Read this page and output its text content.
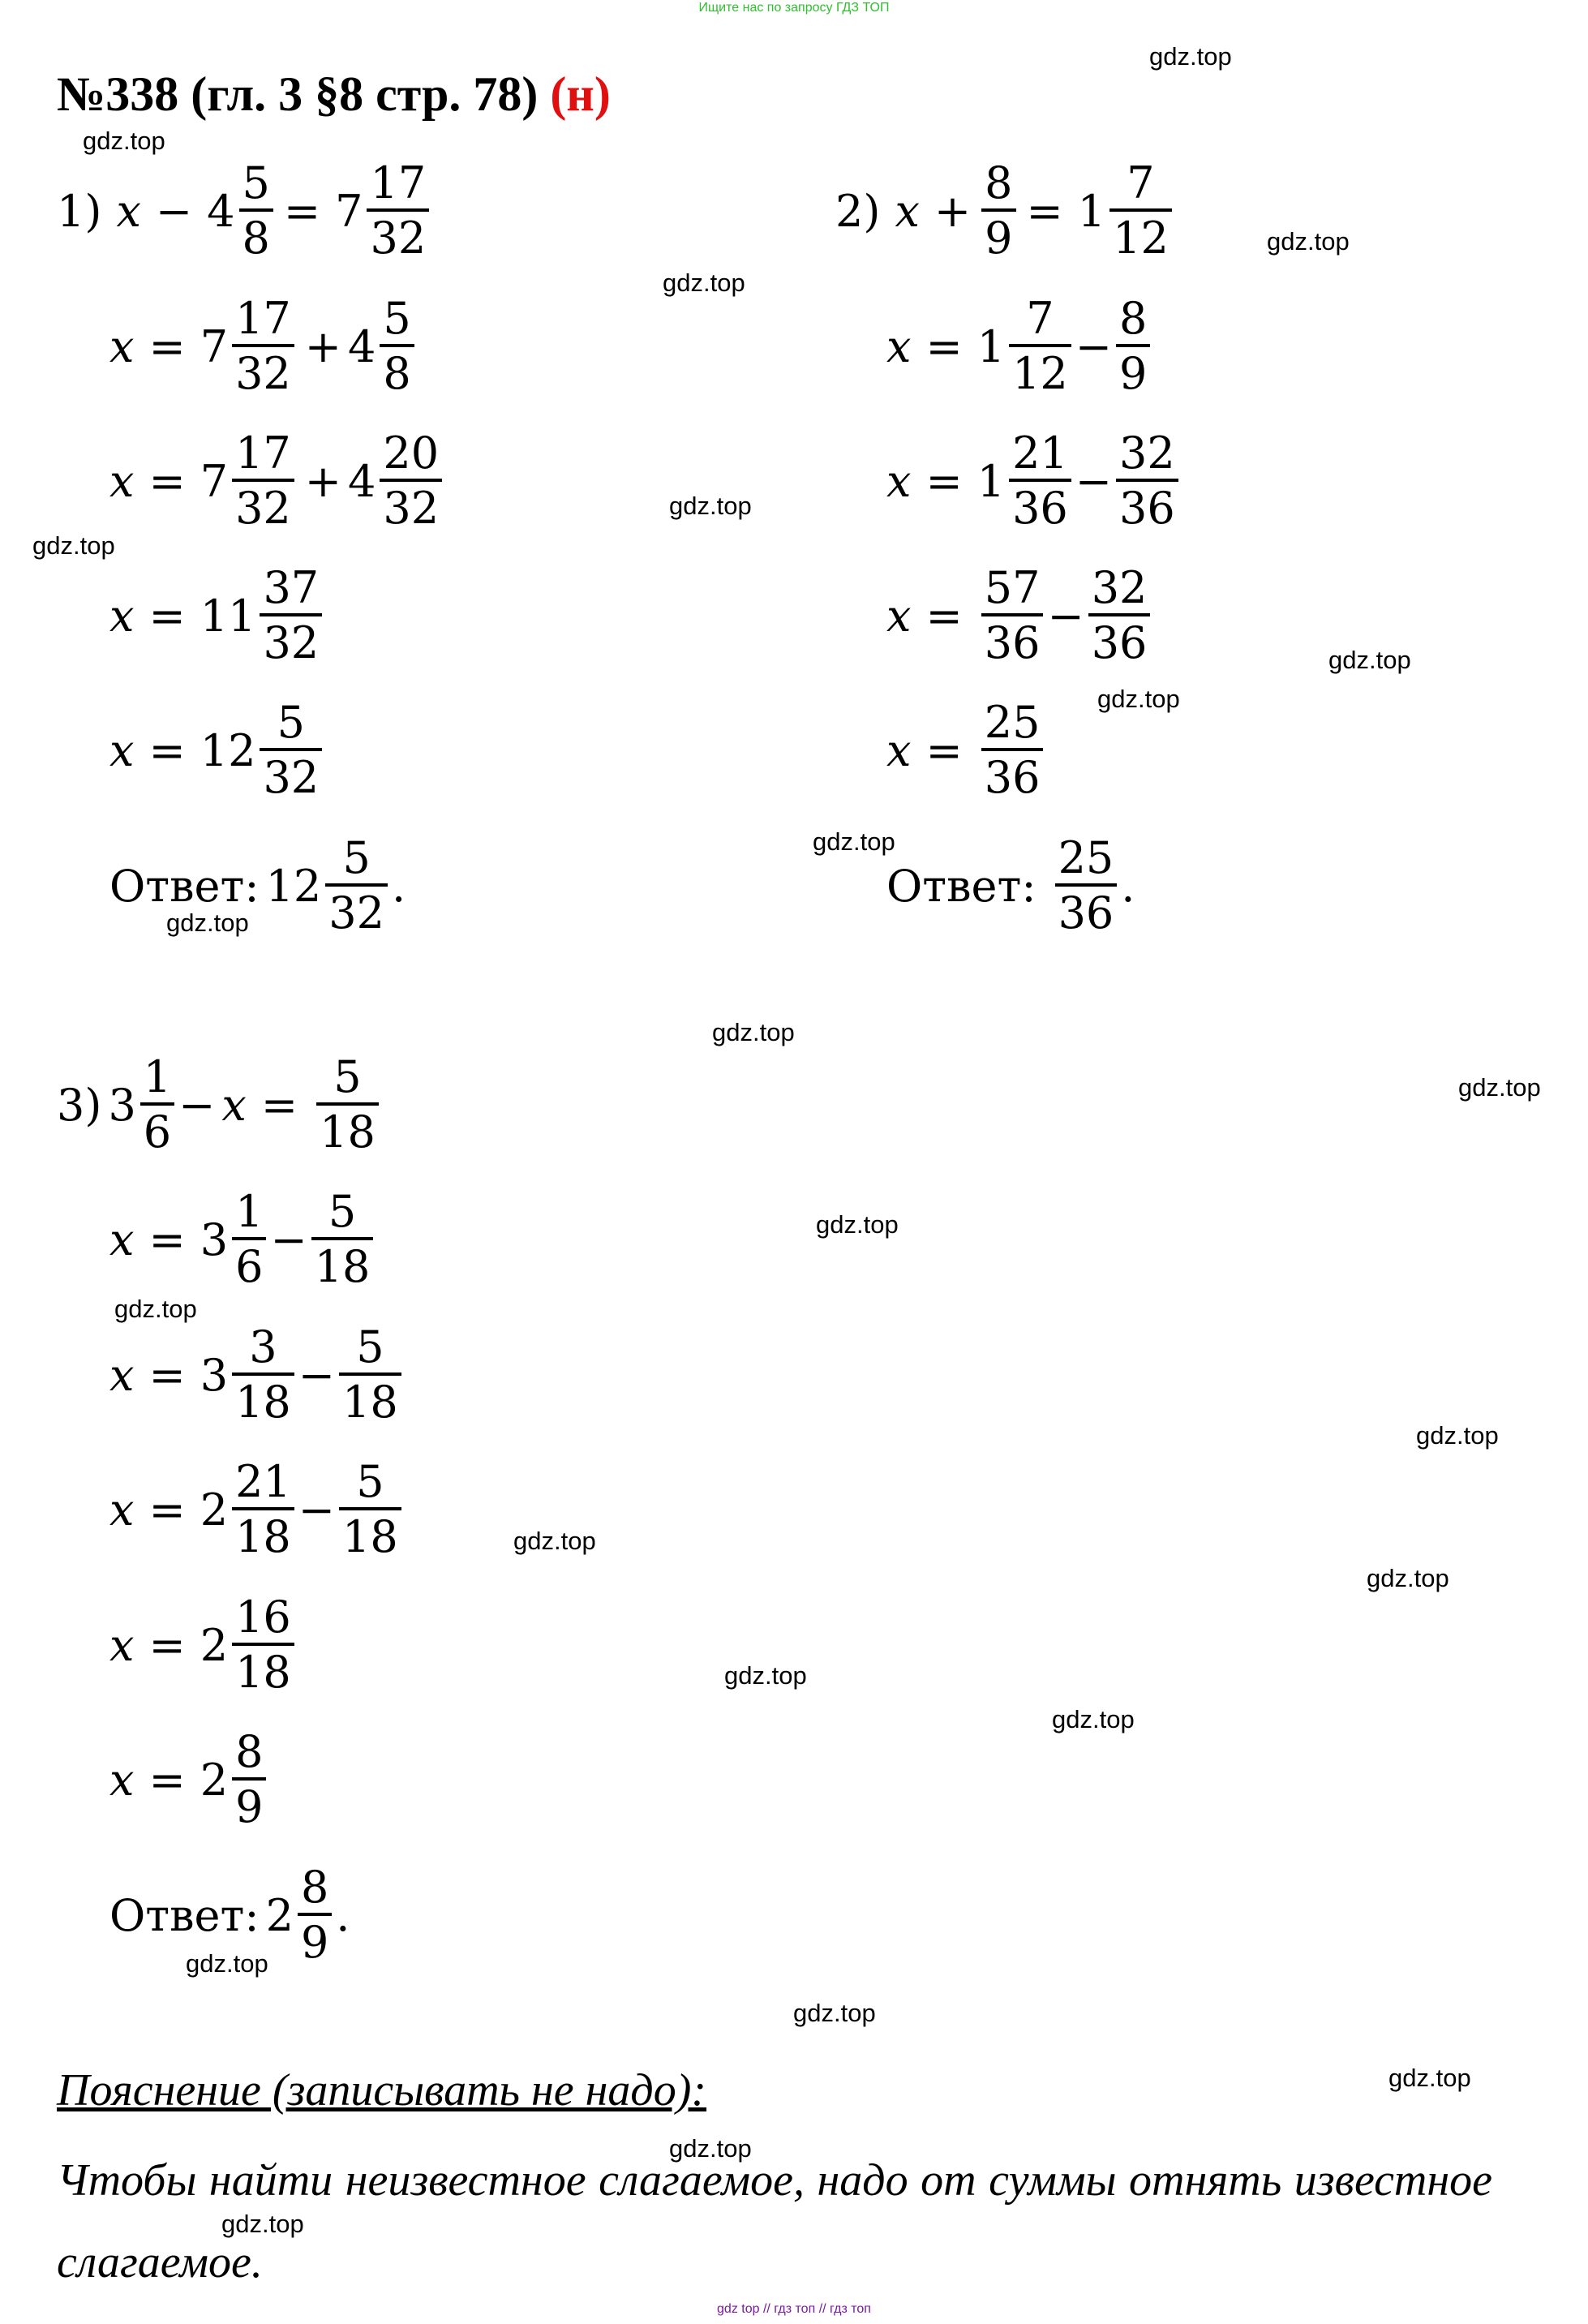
Ищите нас по запросу ГДЗ ТОП
№338 (гл. 3 §8 стр. 78) (н)
1) $x - 4 \frac{5}{8} = 7 \frac{17}{32}$
$x = 7 \frac{17}{32} + 4 \frac{5}{8}$
$x = 7 \frac{17}{32} + 4 \frac{20}{32}$
$x = 11 \frac{37}{32}$
$x = 12 \frac{5}{32}$
Ответ: $12 \frac{5}{32}$ .
2) $x + \frac{8}{9} = 1 \frac{7}{12}$
$x = 1 \frac{7}{12} - \frac{8}{9}$
$x = 1 \frac{21}{36} - \frac{32}{36}$
$x = \frac{57}{36} - \frac{32}{36}$
$x = \frac{25}{36}$
Ответ: $\frac{25}{36}$ .
3) $3 \frac{1}{6} - x = \frac{5}{18}$
$x = 3 \frac{1}{6} - \frac{5}{18}$
$x = 3 \frac{3}{18} - \frac{5}{18}$
$x = 2 \frac{21}{18} - \frac{5}{18}$
$x = 2 \frac{16}{18}$
$x = 2 \frac{8}{9}$
Ответ: $2 \frac{8}{9}$ .
Пояснение (записывать не надо):
Чтобы найти неизвестное слагаемое, надо от суммы отнять известное слагаемое.
gdz.top
gdz.top
gdz.top
gdz.top
gdz.top
gdz.top
gdz.top
gdz.top
gdz.top
gdz.top
gdz.top
gdz.top
gdz.top
gdz.top
gdz.top
gdz.top
gdz.top
gdz.top
gdz.top
gdz.top
gdz.top
gdz.top
gdz.top
gdz.top
gdz top // гдз топ // гдз топ
